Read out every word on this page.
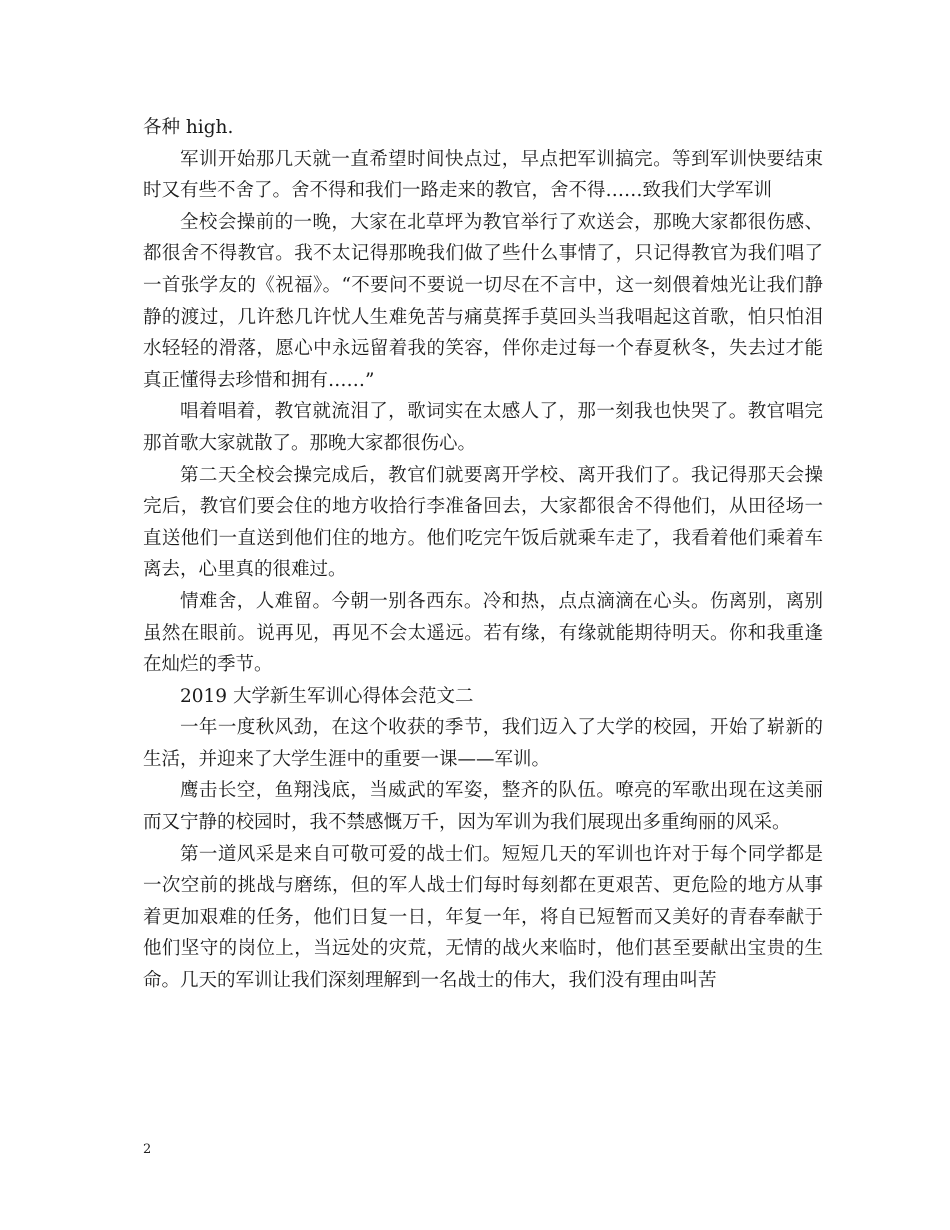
各种 high.

军训开始那几天就一直希望时间快点过，早点把军训搞完。等到军训快要结束时又有些不舍了。舍不得和我们一路走来的教官，舍不得……致我们大学军训

全校会操前的一晚，大家在北草坪为教官举行了欢送会，那晚大家都很伤感、都很舍不得教官。我不太记得那晚我们做了些什么事情了，只记得教官为我们唱了一首张学友的《祝福》。“不要问不要说一切尽在不言中，这一刻偎着烛光让我们静静的渡过，几许愁几许忧人生难免苦与痛莫挥手莫回头当我唱起这首歌，怕只怕泪水轻轻的滑落，愿心中永远留着我的笑容，伴你走过每一个春夏秋冬，失去过才能真正懂得去珍惜和拥有……”

唱着唱着，教官就流泪了，歌词实在太感人了，那一刻我也快哭了。教官唱完那首歌大家就散了。那晚大家都很伤心。

第二天全校会操完成后，教官们就要离开学校、离开我们了。我记得那天会操完后，教官们要会住的地方收拾行李准备回去，大家都很舍不得他们，从田径场一直送他们一直送到他们住的地方。他们吃完午饭后就乘车走了，我看着他们乘着车离去，心里真的很难过。

情难舍，人难留。今朝一别各西东。冷和热，点点滴滴在心头。伤离别，离别虽然在眼前。说再见，再见不会太遥远。若有缘，有缘就能期待明天。你和我重逢在灿烂的季节。

2019 大学新生军训心得体会范文二

一年一度秋风劲，在这个收获的季节，我们迈入了大学的校园，开始了崭新的生活，并迎来了大学生涯中的重要一课——军训。

鹰击长空，鱼翔浅底，当威武的军姿，整齐的队伍。嘹亮的军歌出现在这美丽而又宁静的校园时，我不禁感慨万千，因为军训为我们展现出多重绚丽的风采。

第一道风采是来自可敬可爱的战士们。短短几天的军训也许对于每个同学都是一次空前的挑战与磨练，但的军人战士们每时每刻都在更艰苦、更危险的地方从事着更加艰难的任务，他们日复一日，年复一年，将自已短暂而又美好的青春奉献于他们坚守的岗位上，当远处的灾荒，无情的战火来临时，他们甚至要献出宝贵的生命。几天的军训让我们深刻理解到一名战士的伟大，我们没有理由叫苦

2
